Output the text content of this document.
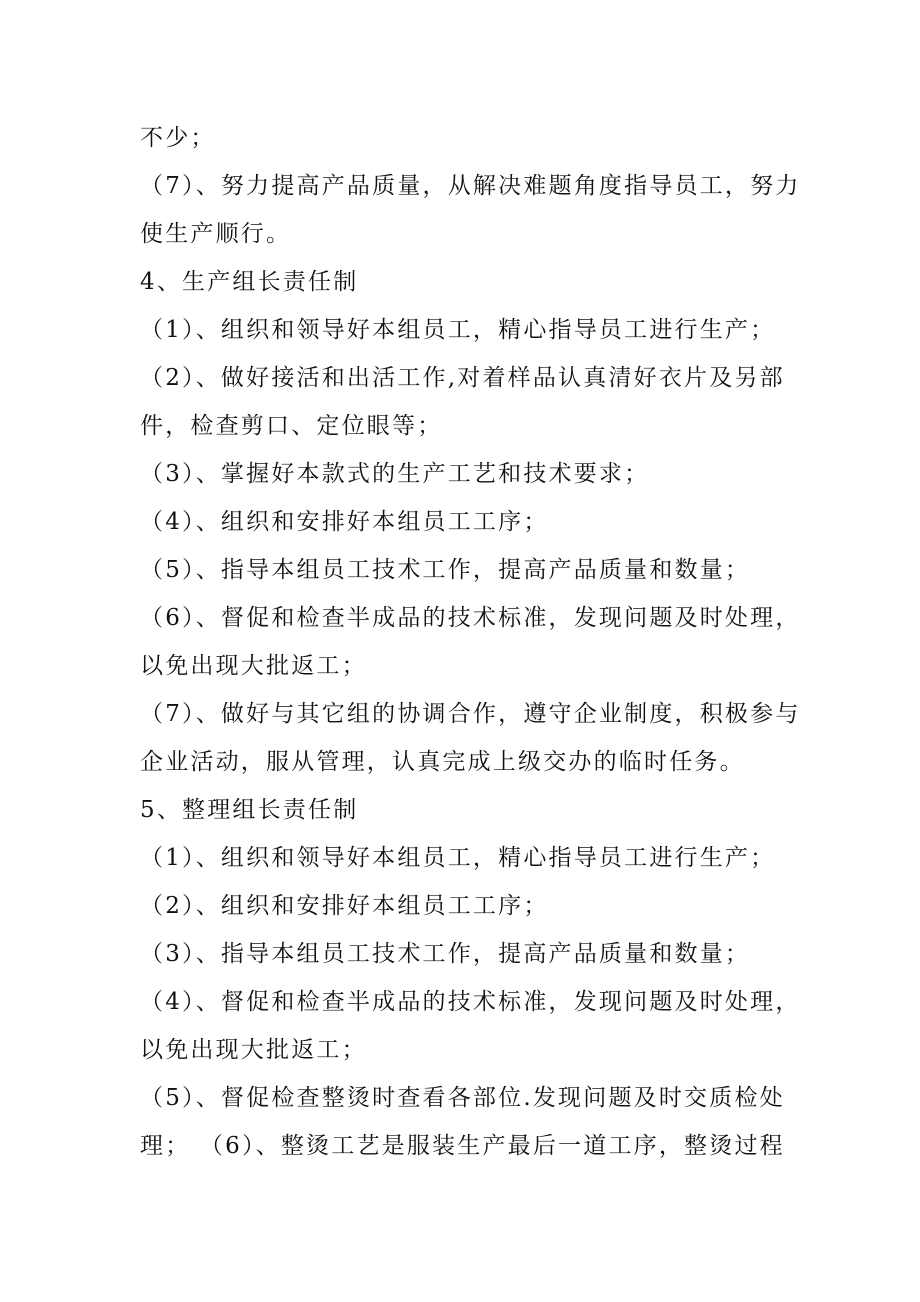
不少；

（7）、努力提高产品质量，从解决难题角度指导员工，努力

使生产顺行。

4、生产组长责任制

（1）、组织和领导好本组员工，精心指导员工进行生产；

（2）、做好接活和出活工作,对着样品认真清好衣片及另部

件，检查剪口、定位眼等；

（3）、掌握好本款式的生产工艺和技术要求；

（4）、组织和安排好本组员工工序；

（5）、指导本组员工技术工作，提高产品质量和数量；

（6）、督促和检查半成品的技术标准，发现问题及时处理，

以免出现大批返工；

（7）、做好与其它组的协调合作，遵守企业制度，积极参与

企业活动，服从管理，认真完成上级交办的临时任务。

5、整理组长责任制

（1）、组织和领导好本组员工，精心指导员工进行生产；

（2）、组织和安排好本组员工工序；

（3）、指导本组员工技术工作，提高产品质量和数量；

（4）、督促和检查半成品的技术标准，发现问题及时处理，

以免出现大批返工；

（5）、督促检查整烫时查看各部位.发现问题及时交质检处

理； （6）、整烫工艺是服装生产最后一道工序，整烫过程
